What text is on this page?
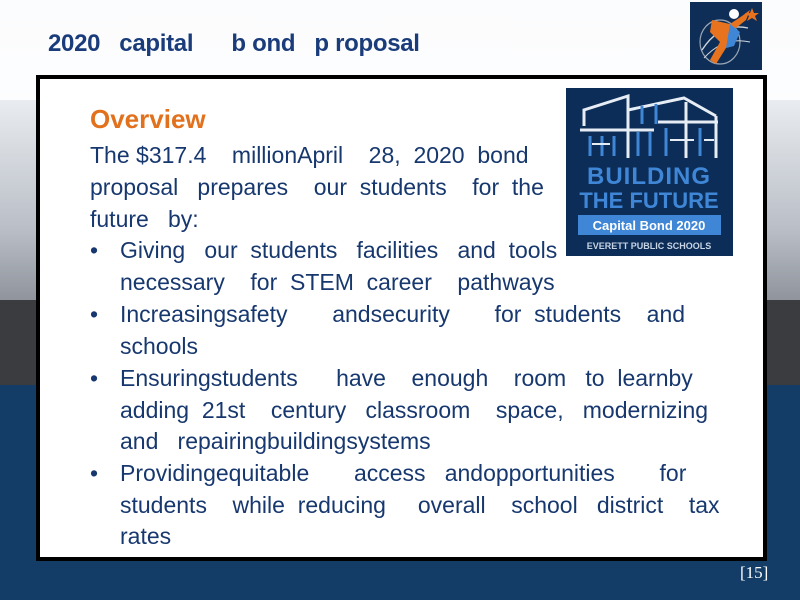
2020   capital      b ond   p roposal
Overview
The $317.4    millionApril    28,  2020  bond
proposal   prepares    our  students    for  the
future   by:
• Giving   our  students   facilities   and  tools
necessary    for  STEM  career    pathways
• Increasingsafety       andsecurity       for  students    and
schools
• Ensuringstudents      have    enough    room   to  learnby
adding  21st    century   classroom    space,   modernizing
and   repairingbuildingsystems
• Providingequitable       access   andopportunities       for
students    while  reducing     overall    school   district    tax
rates
BUILDING
THE FUTURE
Capital Bond 2020
EVERETT PUBLIC SCHOOLS
[15]
